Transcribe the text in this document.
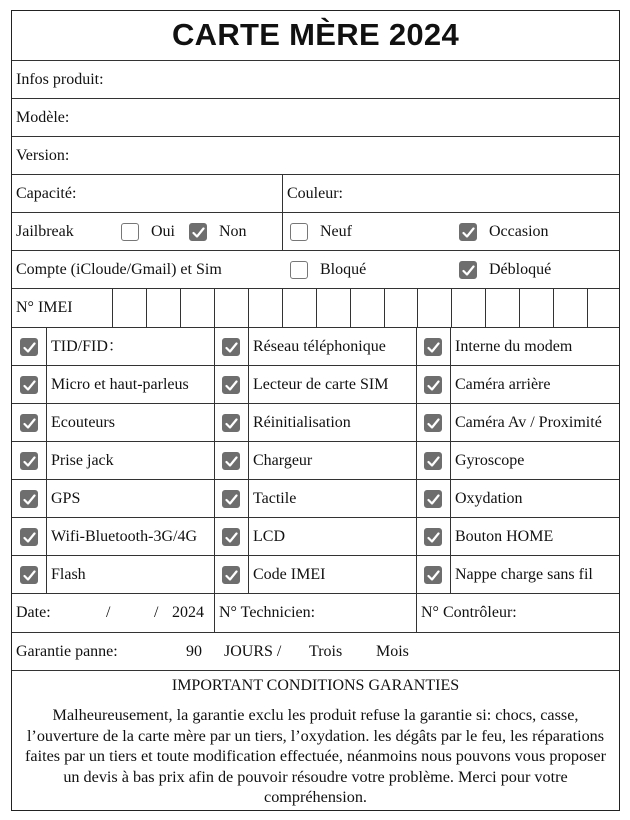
CARTE MÈRE 2024
Infos produit:
Modèle:
Version:
Capacité:	Couleur:
Jailbreak	Oui	Non	Neuf	Occasion
Compte (iCloude/Gmail) et Sim	Bloqué	Débloqué
N° IMEI
TID/FID：	Réseau téléphonique	Interne du modem
Micro et haut-parleus	Lecteur de carte SIM	Caméra arrière
Ecouteurs	Réinitialisation	Caméra Av / Proximité
Prise jack	Chargeur	Gyroscope
GPS	Tactile	Oxydation
Wifi-Bluetooth-3G/4G	LCD	Bouton HOME
Flash	Code IMEI	Nappe charge sans fil
Date:	/	/ 2024 N° Technicien:	N° Contrôleur:
Garantie panne:	90 JOURS / Trois Mois
IMPORTANT CONDITIONS GARANTIES
Malheureusement, la garantie exclu les produit refuse la garantie si: chocs, casse, l’ouverture de la carte mère par un tiers, l’oxydation. les dégâts par le feu, les réparations faites par un tiers et toute modification effectuée, néanmoins nous pouvons vous proposer un devis à bas prix afin de pouvoir résoudre votre problème. Merci pour votre compréhension.
